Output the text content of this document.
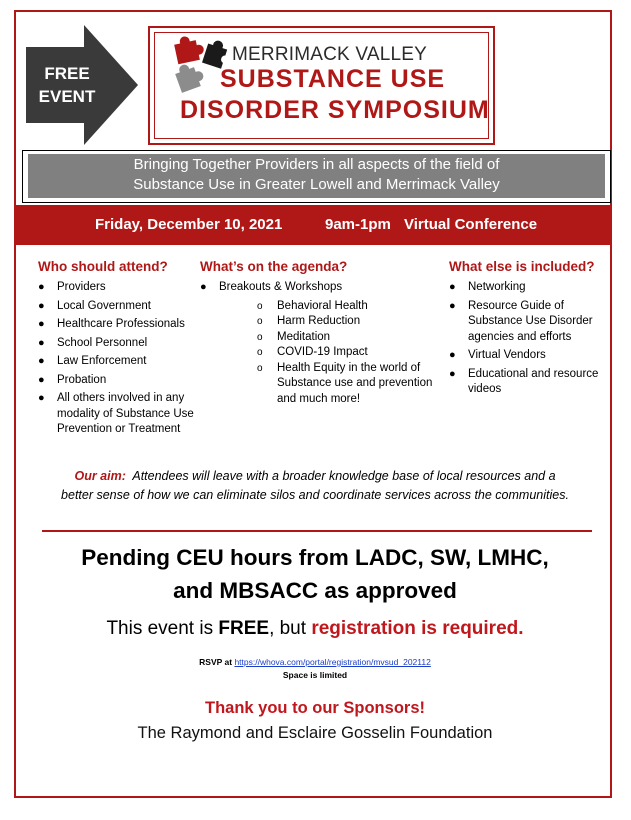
FREE
EVENT
MERRIMACK VALLEY
SUBSTANCE USE
DISORDER SYMPOSIUM
Bringing Together Providers in all aspects of the field of
Substance Use in Greater Lowell and Merrimack Valley
Friday, December 10, 2021	9am-1pm Virtual Conference
Who should attend?
● Providers
● Local Government
● Healthcare Professionals
● School Personnel
● Law Enforcement
● Probation
● All others involved in any modality of Substance Use Prevention or Treatment
What’s on the agenda?
● Breakouts & Workshops
o Behavioral Health
o Harm Reduction
o Meditation
o COVID-19 Impact
o Health Equity in the world of Substance use and prevention and much more!
What else is included?
● Networking
● Resource Guide of Substance Use Disorder agencies and efforts
● Virtual Vendors
● Educational and resource videos
Our aim: Attendees will leave with a broader knowledge base of local resources and a better sense of how we can eliminate silos and coordinate services across the communities.
Pending CEU hours from LADC, SW, LMHC,
and MBSACC as approved
This event is FREE, but registration is required.
RSVP at https://whova.com/portal/registration/mvsud_202112
Space is limited
Thank you to our Sponsors!
The Raymond and Esclaire Gosselin Foundation
